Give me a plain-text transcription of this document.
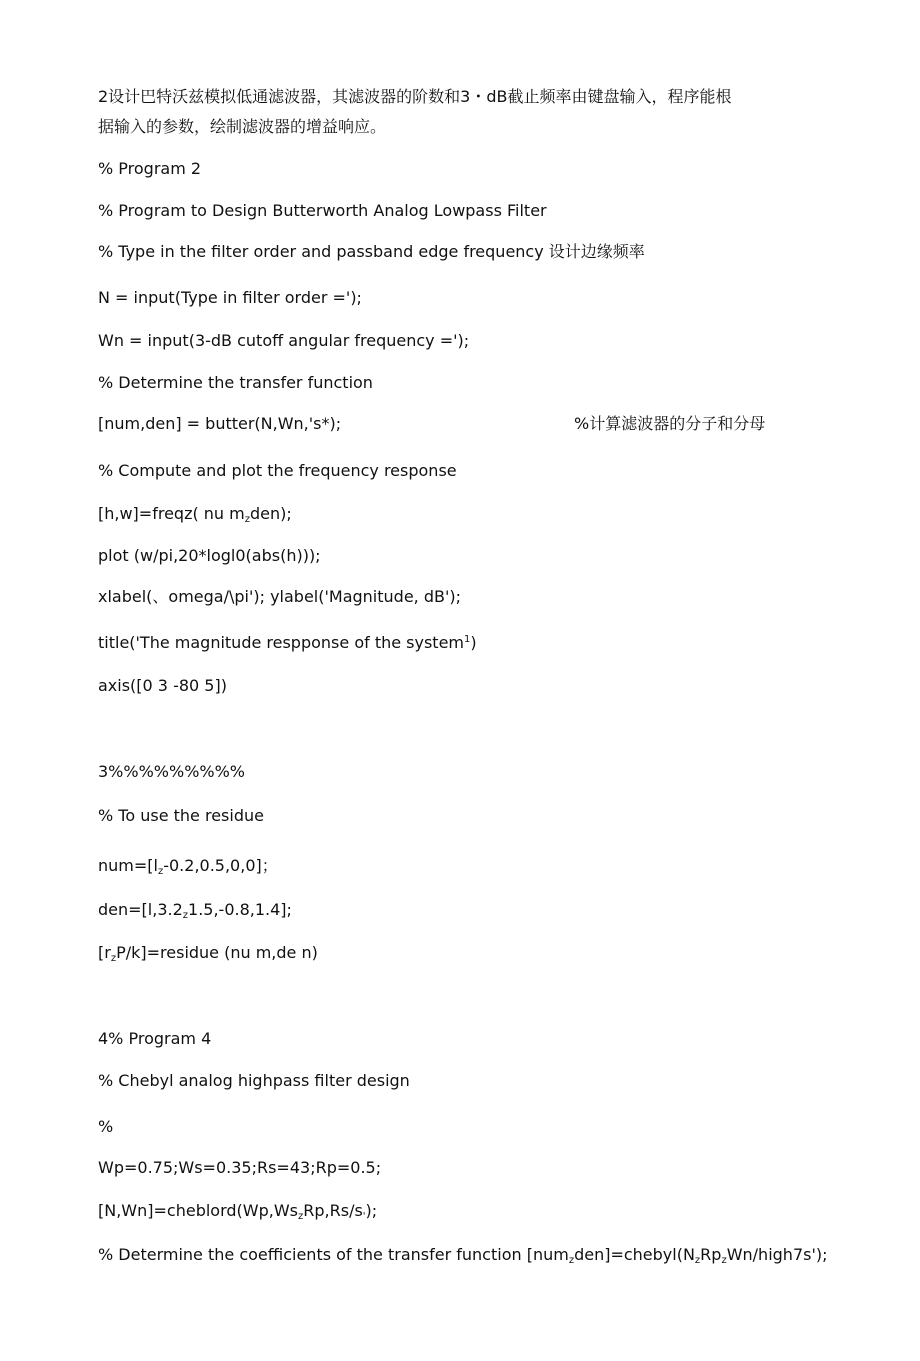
2设计巴特沃兹模拟低通滤波器，其滤波器的阶数和3・dB截止频率由键盘输入，程序能根
据输入的参数，绘制滤波器的增益响应。
% Program 2
% Program to Design Butterworth Analog Lowpass Filter
% Type in the filter order and passband edge frequency 设计边缘频率
N = input(Type in filter order =');
Wn = input(3-dB cutoff angular frequency =');
% Determine the transfer function
[num,den] = butter(N,Wn,'s*);	%计算滤波器的分子和分母
% Compute and plot the frequency response
[h,w]=freqz( nu $m_zden$);
plot (w/pi,20*logl0(abs(h)));
xlabel(、omega/\pi'); ylabel('Magnitude, dB');
title('The magnitude respponse of the system$^1$)
axis([0 3 -80 5])
3%%%%%%%%%
% To use the residue
$num=[l_z-0.2,0.5,0,0]$；
$den=[l,3.2_z1.5,-0.8,1.4]$;
$[r_zP/k]=residue$ (nu m,de n)
4% Program 4
% Chebyl analog highpass filter design
%
Wp=0.75;Ws=0.35;Rs=43;Rp=0.5;
$[N,Wn]=cheblord(Wp,Ws_zRp,Rs/s')$;
% Determine the coefficients of the transfer function $[num_zden]=chebyl(N_zRp_zWn/high7s')$;
